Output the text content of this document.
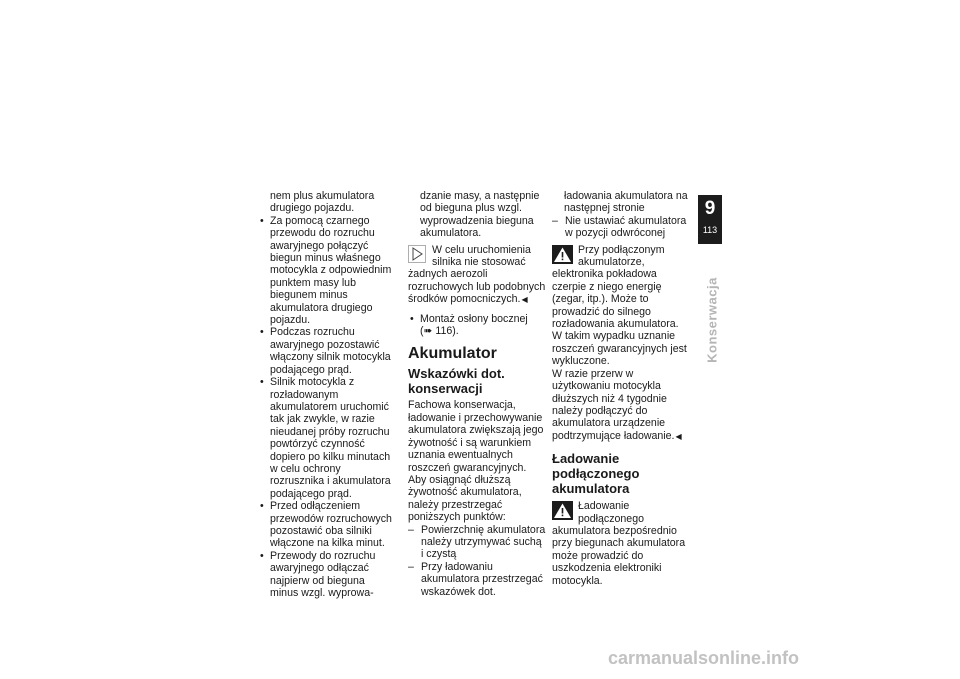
nem plus akumulatora drugiego pojazdu.

• Za pomocą czarnego przewodu do rozruchu awaryjnego połączyć biegun minus właśnego motocykla z odpowiednim punktem masy lub biegunem minus akumulatora drugiego pojazdu.

• Podczas rozruchu awaryjnego pozostawić włączony silnik motocykla podającego prąd.

• Silnik motocykla z rozładowanym akumulatorem uruchomić tak jak zwykle, w razie nieudanej próby rozruchu powtórzyć czynność dopiero po kilku minutach w celu ochrony rozrusznika i akumulatora podającego prąd.

• Przed odłączeniem przewodów rozruchowych pozostawić oba silniki włączone na kilka minut.

• Przewody do rozruchu awaryjnego odłączać najpierw od bieguna minus wzgl. wyprowa-

dzanie masy, a następnie od bieguna plus wzgl. wyprowadzenia bieguna akumulatora.

W celu uruchomienia silnika nie stosować żadnych aerozoli rozruchowych lub podobnych środków pomocniczych.◀

• Montaż osłony bocznej
(➠ 116).

Akumulator
Wskazówki dot. konserwacji

Fachowa konserwacja, ładowanie i przechowywanie akumulatora zwiększają jego żywotność i są warunkiem uznania ewentualnych roszczeń gwarancyjnych.

Aby osiągnąć dłuższą żywotność akumulatora, należy przestrzegać poniższych punktów:

– Powierzchnię akumulatora należy utrzymywać suchą i czystą

– Przy ładowaniu akumulatora przestrzegać wskazówek dot.

ładowania akumulatora na następnej stronie

– Nie ustawiać akumulatora w pozycji odwróconej

Przy podłączonym akumulatorze, elektronika pokładowa czerpie z niego energię (zegar, itp.). Może to prowadzić do silnego rozładowania akumulatora. W takim wypadku uznanie roszczeń gwarancyjnych jest wykluczone.
W razie przerw w użytkowaniu motocykla dłuższych niż 4 tygodnie należy podłączyć do akumulatora urządzenie podtrzymujące ładowanie.◀
Ładowanie podłączonego akumulatora
Ładowanie podłączonego akumulatora bezpośrednio przy biegunach akumulatora może prowadzić do uszkodzenia elektroniki motocykla.
9
113
Konserwacja
carmanualsonline.info
